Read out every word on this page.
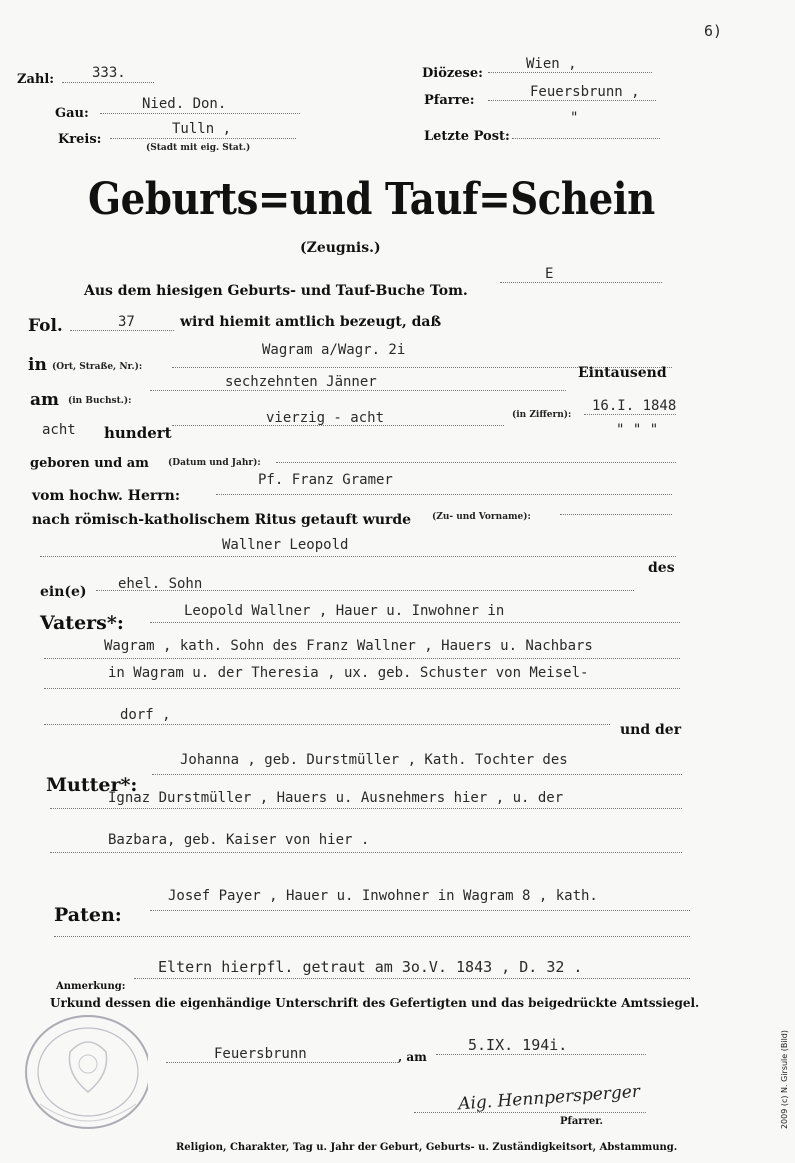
6)
Zahl:	333.
Gau:
Nied. Don.
Kreis:
Tulln ,
(Stadt mit eig. Stat.)
Diözese:
Wien ,
Pfarre:
Feuersbrunn ,
Letzte Post:
"
Geburts=und Tauf=Schein
(Zeugnis.)
Aus dem hiesigen Geburts- und Tauf-Buche Tom.
E
Fol.	37	wird hiemit amtlich bezeugt, daß
in (Ort, Straße, Nr.):
Wagram a/Wagr. 2i
am (in Buchst.):
sechzehnten Jänner
Eintausend
acht hundert
vierzig - acht	(in Ziffern):
16.I. 1848
geboren und am (Datum und Jahr):
" " "
vom hochw. Herrn:
Pf. Franz Gramer
nach römisch-katholischem Ritus getauft wurde (Zu- und Vorname):
Wallner Leopold
ein(e) ehel. Sohn
des
Vaters*:
Leopold Wallner , Hauer u. Inwohner in
Wagram , kath. Sohn des Franz Wallner , Hauers u. Nachbars
in Wagram u. der Theresia , ux. geb. Schuster von Meisel-
dorf ,
und der
Mutter*:
Johanna , geb. Durstmüller , Kath. Tochter des
Ignaz Durstmüller , Hauers u. Ausnehmers hier , u. der
Bazbara, geb. Kaiser von hier .
Paten:
Josef Payer , Hauer u. Inwohner in Wagram 8 , kath.
Anmerkung:
Eltern hierpfl. getraut am 3o.V. 1843 , D. 32 .
Urkund dessen die eigenhändige Unterschrift des Gefertigten und das beigedrückte Amtssiegel.
Feuersbrunn	, am
5.IX. 194i.
Aig. Hennpersperger
Pfarrer.
Religion, Charakter, Tag u. Jahr der Geburt, Geburts- u. Zuständigkeitsort, Abstammung.
2009 (c) N. Girsule (Bild)
